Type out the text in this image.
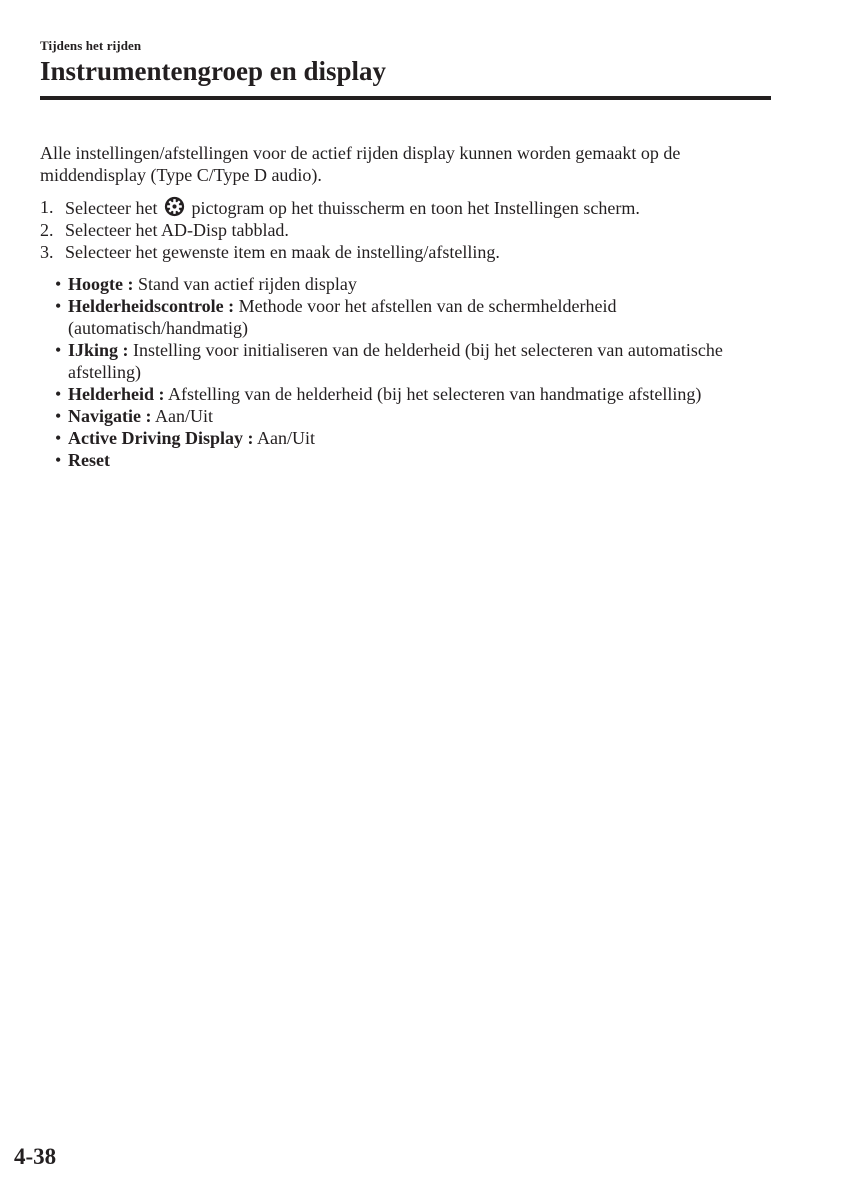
Tijdens het rijden
Instrumentengroep en display

Alle instellingen/afstellingen voor de actief rijden display kunnen worden gemaakt op de middendisplay (Type C/Type D audio).

1. Selecteer het pictogram op het thuisscherm en toon het Instellingen scherm.
2. Selecteer het AD-Disp tabblad.
3. Selecteer het gewenste item en maak de instelling/afstelling.
• Hoogte : Stand van actief rijden display
• Helderheidscontrole : Methode voor het afstellen van de schermhelderheid (automatisch/handmatig)
• IJking : Instelling voor initialiseren van de helderheid (bij het selecteren van automatische afstelling)
• Helderheid : Afstelling van de helderheid (bij het selecteren van handmatige afstelling)
• Navigatie : Aan/Uit
• Active Driving Display : Aan/Uit
• Reset
4-38
